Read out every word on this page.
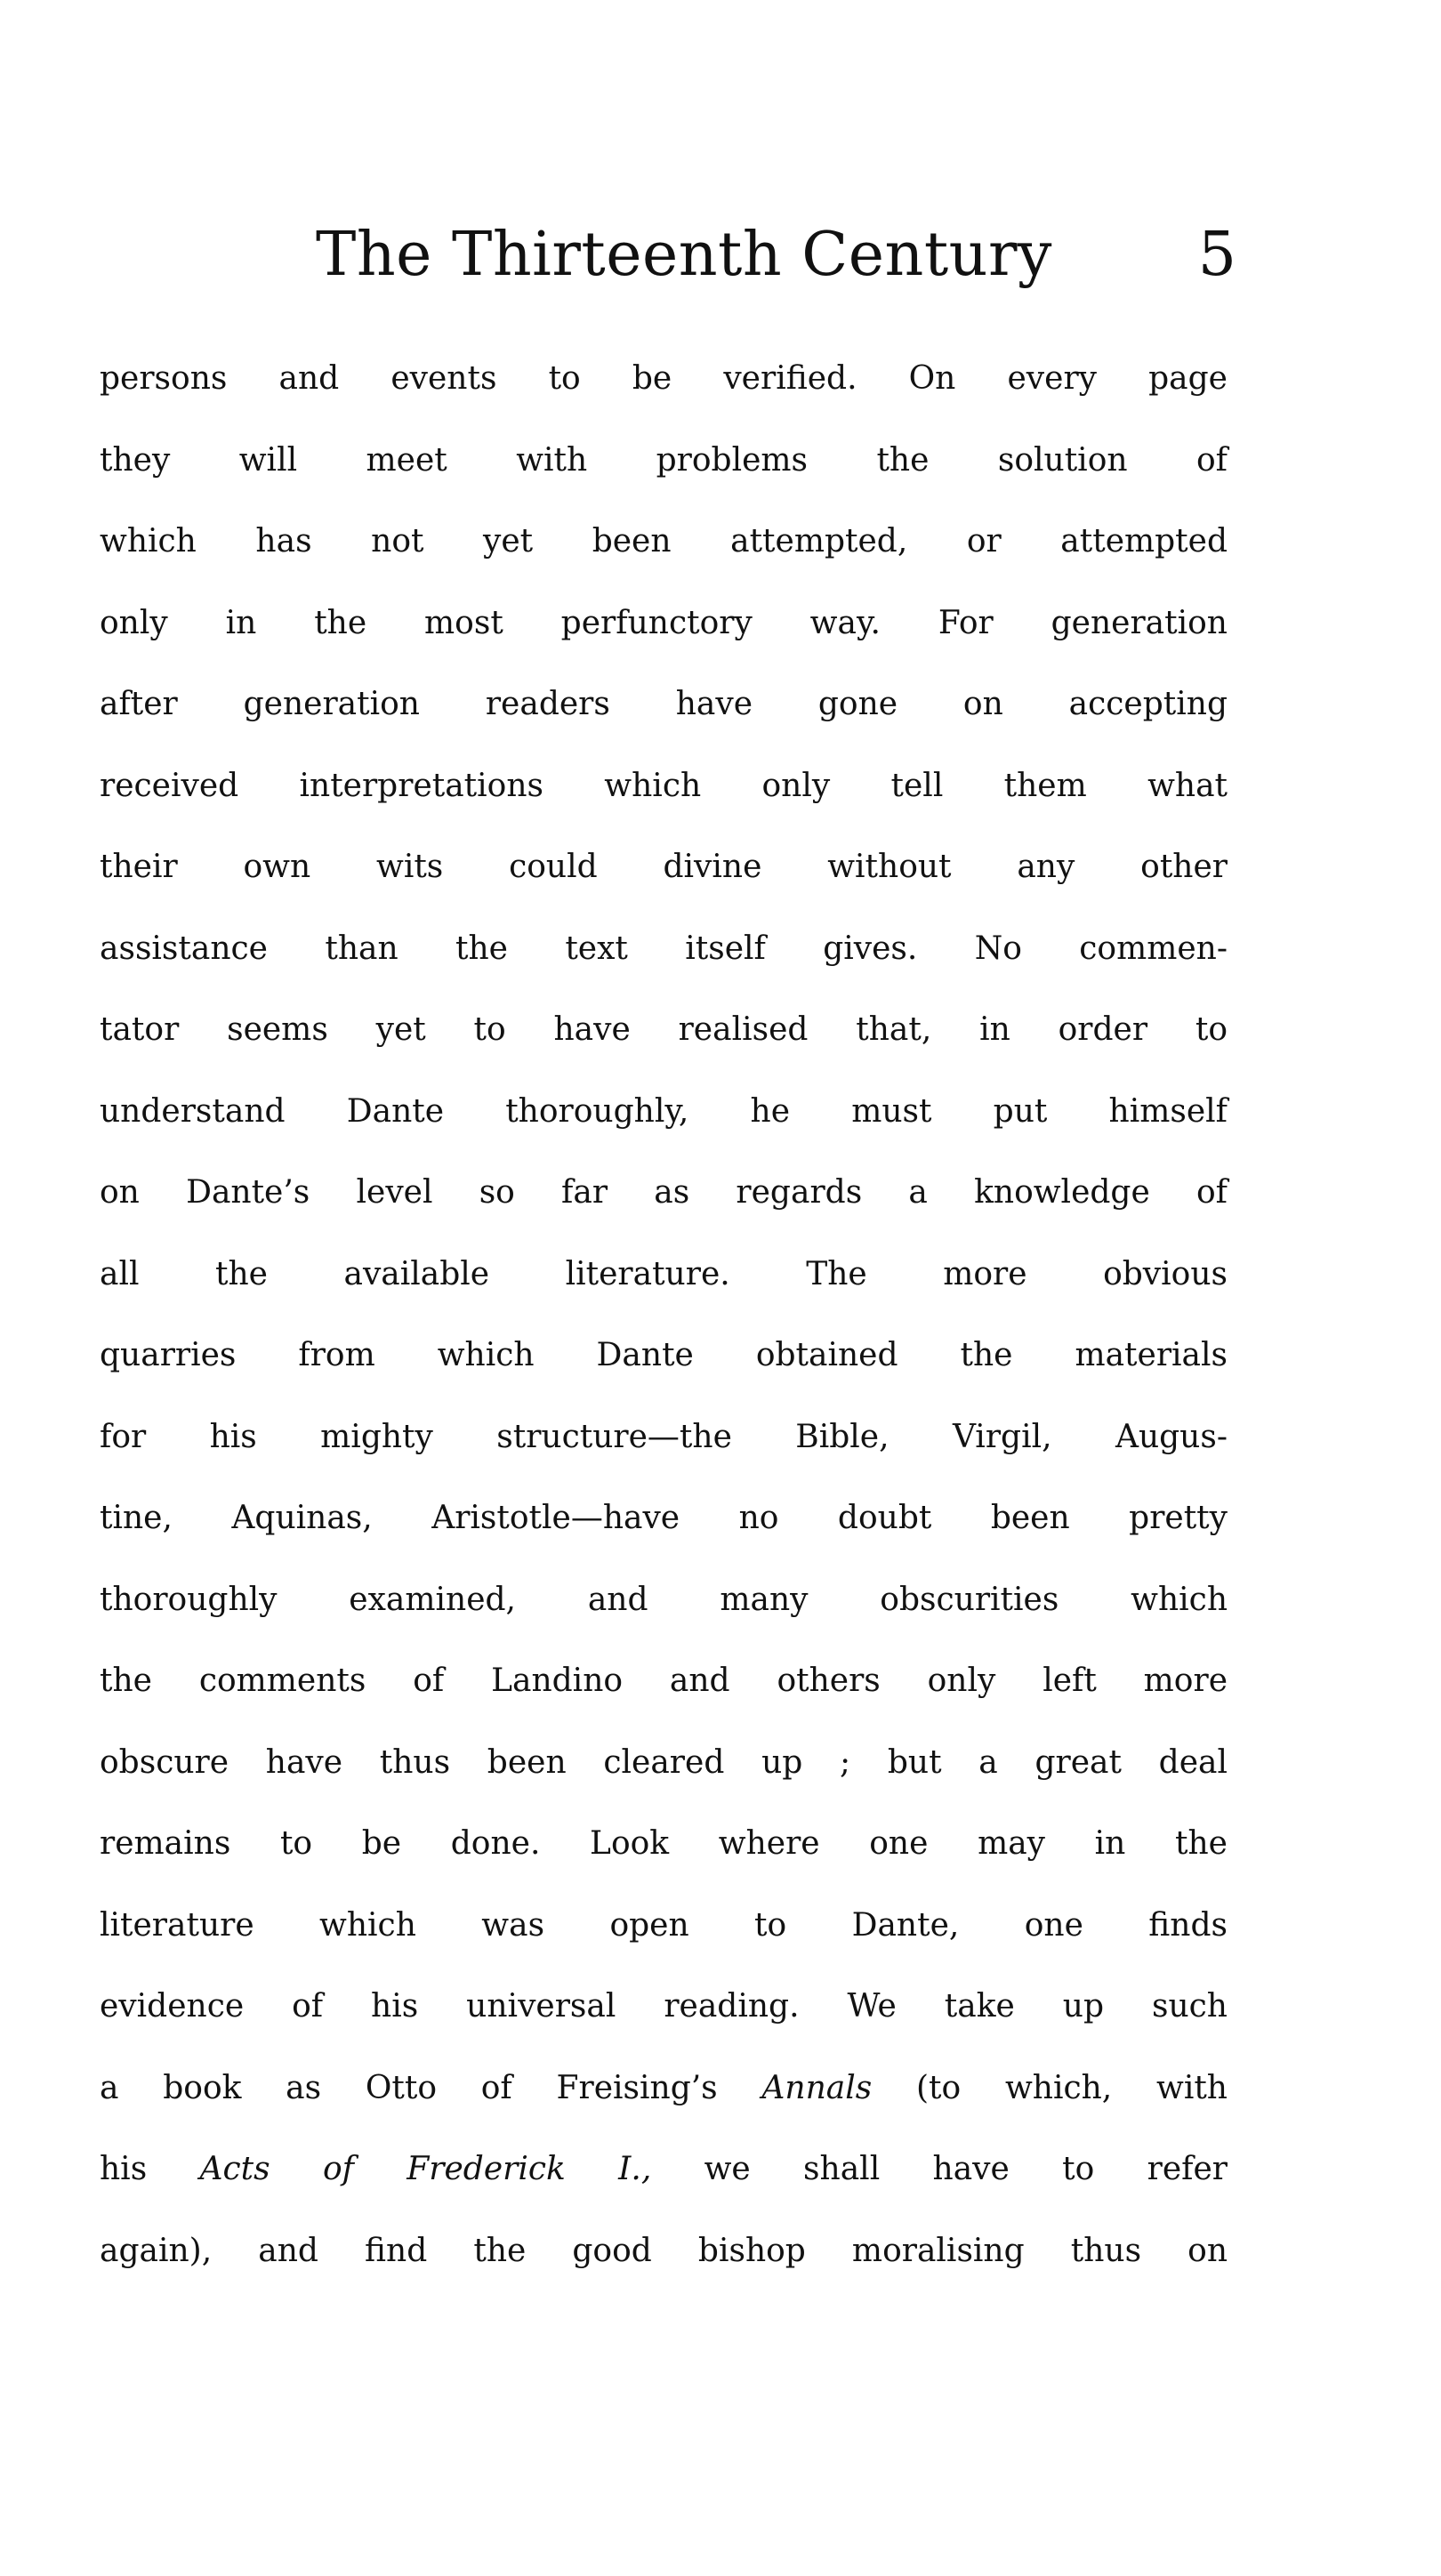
The Thirteenth Century 5
persons and events to be verified. On every page
they will meet with problems the solution of
which has not yet been attempted, or attempted
only in the most perfunctory way. For generation
after generation readers have gone on accepting
received interpretations which only tell them what
their own wits could divine without any other
assistance than the text itself gives. No commen-
tator seems yet to have realised that, in order to
understand Dante thoroughly, he must put himself
on Dante’s level so far as regards a knowledge of
all the available literature. The more obvious
quarries from which Dante obtained the materials
for his mighty structure—the Bible, Virgil, Augus-
tine, Aquinas, Aristotle—have no doubt been pretty
thoroughly examined, and many obscurities which
the comments of Landino and others only left more
obscure have thus been cleared up ; but a great deal
remains to be done. Look where one may in the
literature which was open to Dante, one finds
evidence of his universal reading. We take up such
a book as Otto of Freising’s Annals (to which, with
his Acts of Frederick I., we shall have to refer
again), and find the good bishop moralising thus on
